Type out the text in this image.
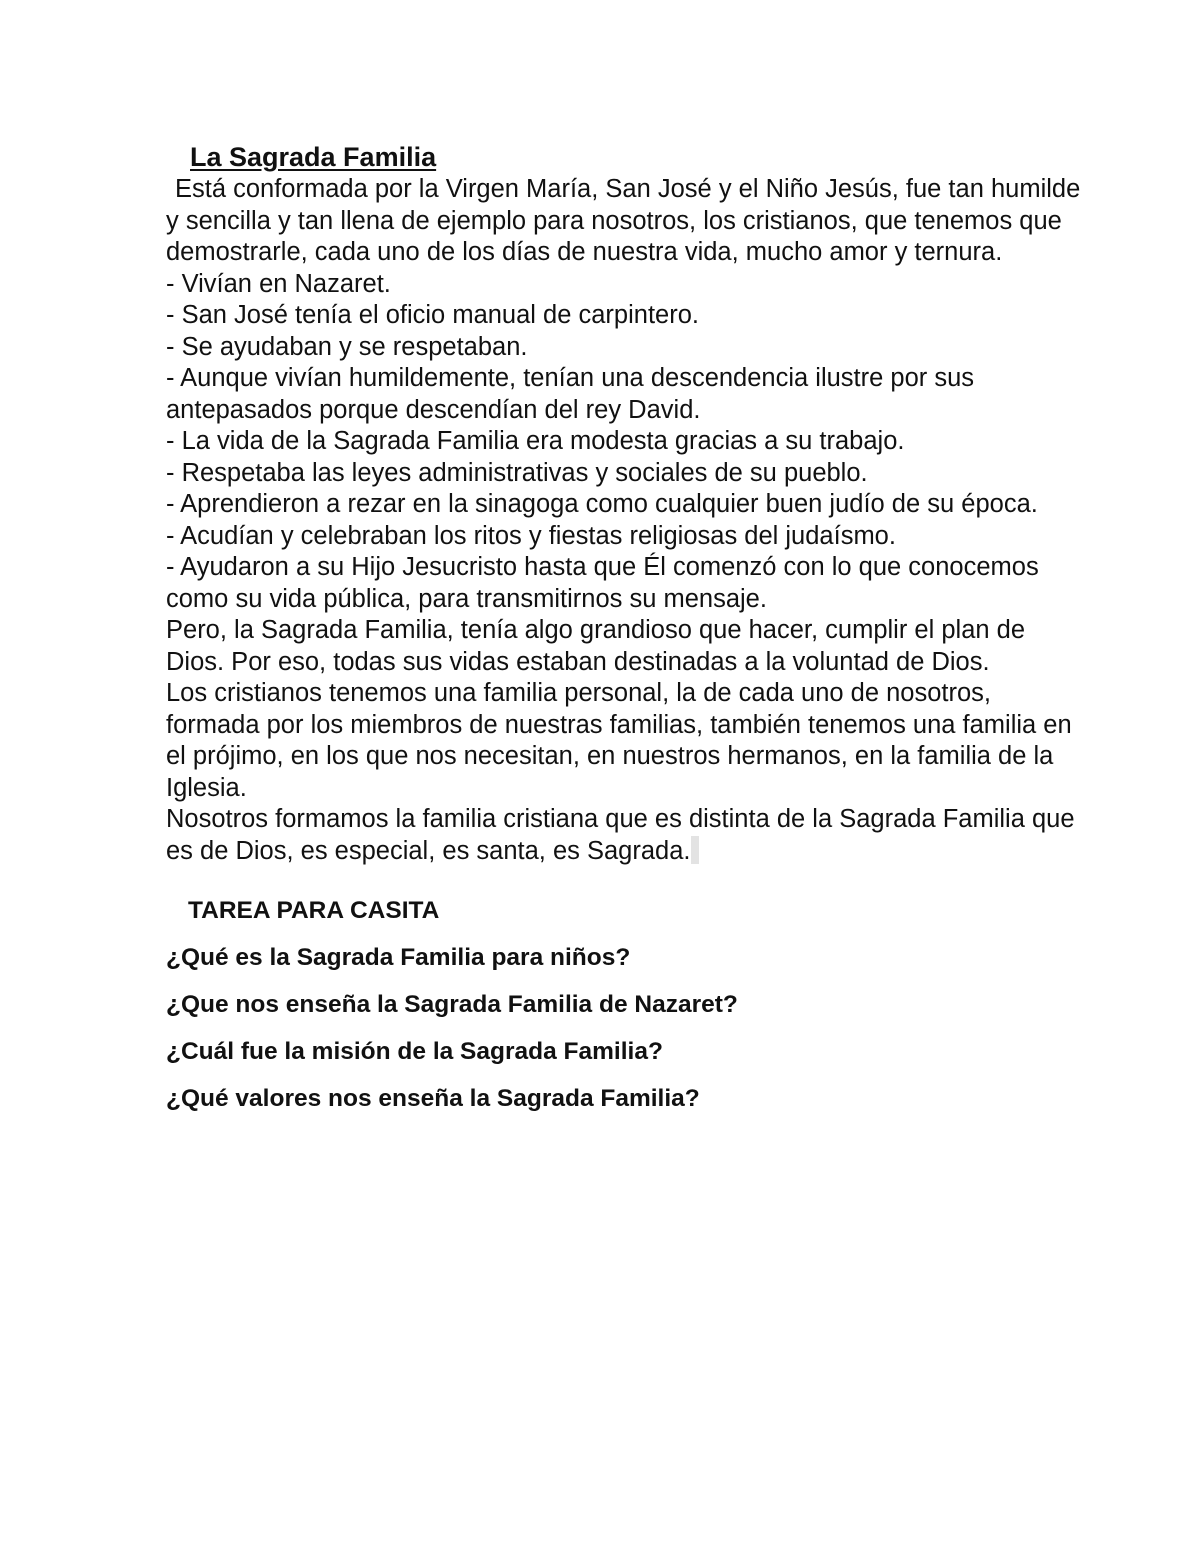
La Sagrada Familia

Está conformada por la Virgen María, San José y el Niño Jesús, fue tan humilde y sencilla y tan llena de ejemplo para nosotros, los cristianos, que tenemos que demostrarle, cada uno de los días de nuestra vida, mucho amor y ternura.

- Vivían en Nazaret.

- San José tenía el oficio manual de carpintero.

- Se ayudaban y se respetaban.

- Aunque vivían humildemente, tenían una descendencia ilustre por sus antepasados porque descendían del rey David.

- La vida de la Sagrada Familia era modesta gracias a su trabajo.

- Respetaba las leyes administrativas y sociales de su pueblo.

- Aprendieron a rezar en la sinagoga como cualquier buen judío de su época.

- Acudían y celebraban los ritos y fiestas religiosas del judaísmo.

- Ayudaron a su Hijo Jesucristo hasta que Él comenzó con lo que conocemos como su vida pública, para transmitirnos su mensaje.

Pero, la Sagrada Familia, tenía algo grandioso que hacer, cumplir el plan de Dios. Por eso, todas sus vidas estaban destinadas a la voluntad de Dios.

Los cristianos tenemos una familia personal, la de cada uno de nosotros, formada por los miembros de nuestras familias, también tenemos una familia en el prójimo, en los que nos necesitan, en nuestros hermanos, en la familia de la Iglesia.

Nosotros formamos la familia cristiana que es distinta de la Sagrada Familia que es de Dios, es especial, es santa, es Sagrada.

TAREA PARA CASITA
¿Qué es la Sagrada Familia para niños?
¿Que nos enseña la Sagrada Familia de Nazaret?
¿Cuál fue la misión de la Sagrada Familia?
¿Qué valores nos enseña la Sagrada Familia?
